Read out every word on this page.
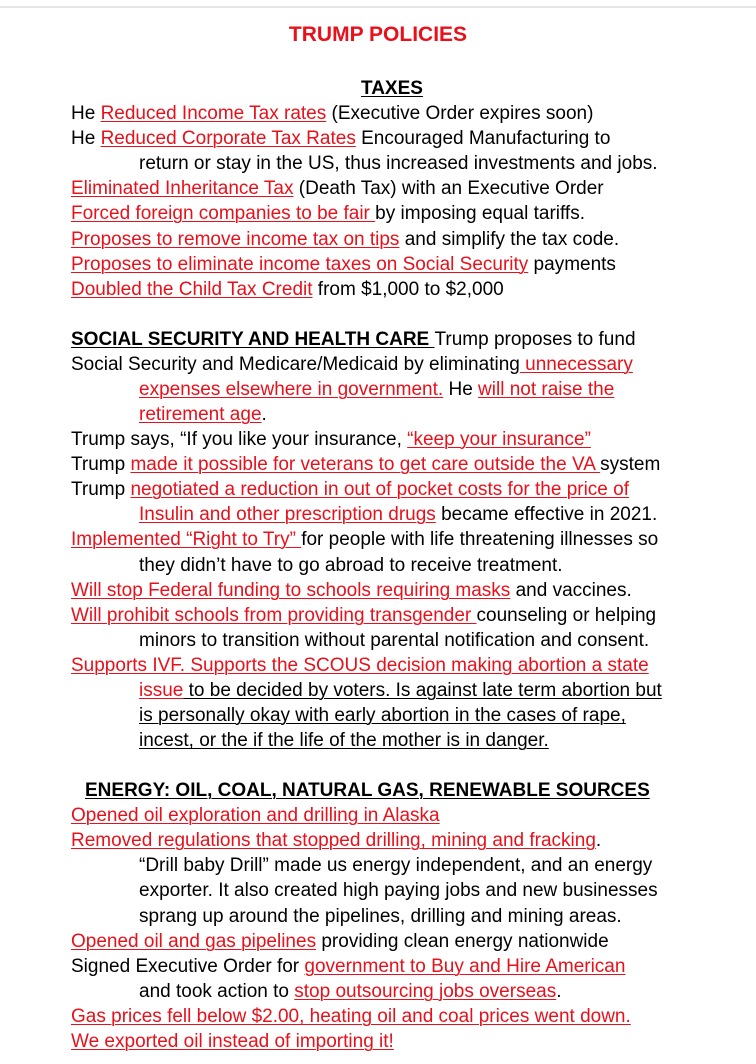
TRUMP POLICIES
TAXES
He Reduced Income Tax rates (Executive Order expires soon)
He Reduced Corporate Tax Rates Encouraged Manufacturing to
return or stay in the US, thus increased investments and jobs.
Eliminated Inheritance Tax (Death Tax) with an Executive Order
Forced foreign companies to be fair by imposing equal tariffs.
Proposes to remove income tax on tips and simplify the tax code.
Proposes to eliminate income taxes on Social Security payments
Doubled the Child Tax Credit from $1,000 to $2,000
SOCIAL SECURITY AND HEALTH CARE Trump proposes to fund
Social Security and Medicare/Medicaid by eliminating unnecessary
expenses elsewhere in government. He will not raise the
retirement age.
Trump says, “If you like your insurance, “keep your insurance”
Trump made it possible for veterans to get care outside the VA system
Trump negotiated a reduction in out of pocket costs for the price of
Insulin and other prescription drugs became effective in 2021.
Implemented “Right to Try” for people with life threatening illnesses so
they didn’t have to go abroad to receive treatment.
Will stop Federal funding to schools requiring masks and vaccines.
Will prohibit schools from providing transgender counseling or helping
minors to transition without parental notification and consent.
Supports IVF. Supports the SCOUS decision making abortion a state
issue to be decided by voters. Is against late term abortion but
is personally okay with early abortion in the cases of rape,
incest, or the if the life of the mother is in danger.
ENERGY: OIL, COAL, NATURAL GAS, RENEWABLE SOURCES
Opened oil exploration and drilling in Alaska
Removed regulations that stopped drilling, mining and fracking.
“Drill baby Drill” made us energy independent, and an energy
exporter. It also created high paying jobs and new businesses
sprang up around the pipelines, drilling and mining areas.
Opened oil and gas pipelines providing clean energy nationwide
Signed Executive Order for government to Buy and Hire American
and took action to stop outsourcing jobs overseas.
Gas prices fell below $2.00, heating oil and coal prices went down.
We exported oil instead of importing it!
